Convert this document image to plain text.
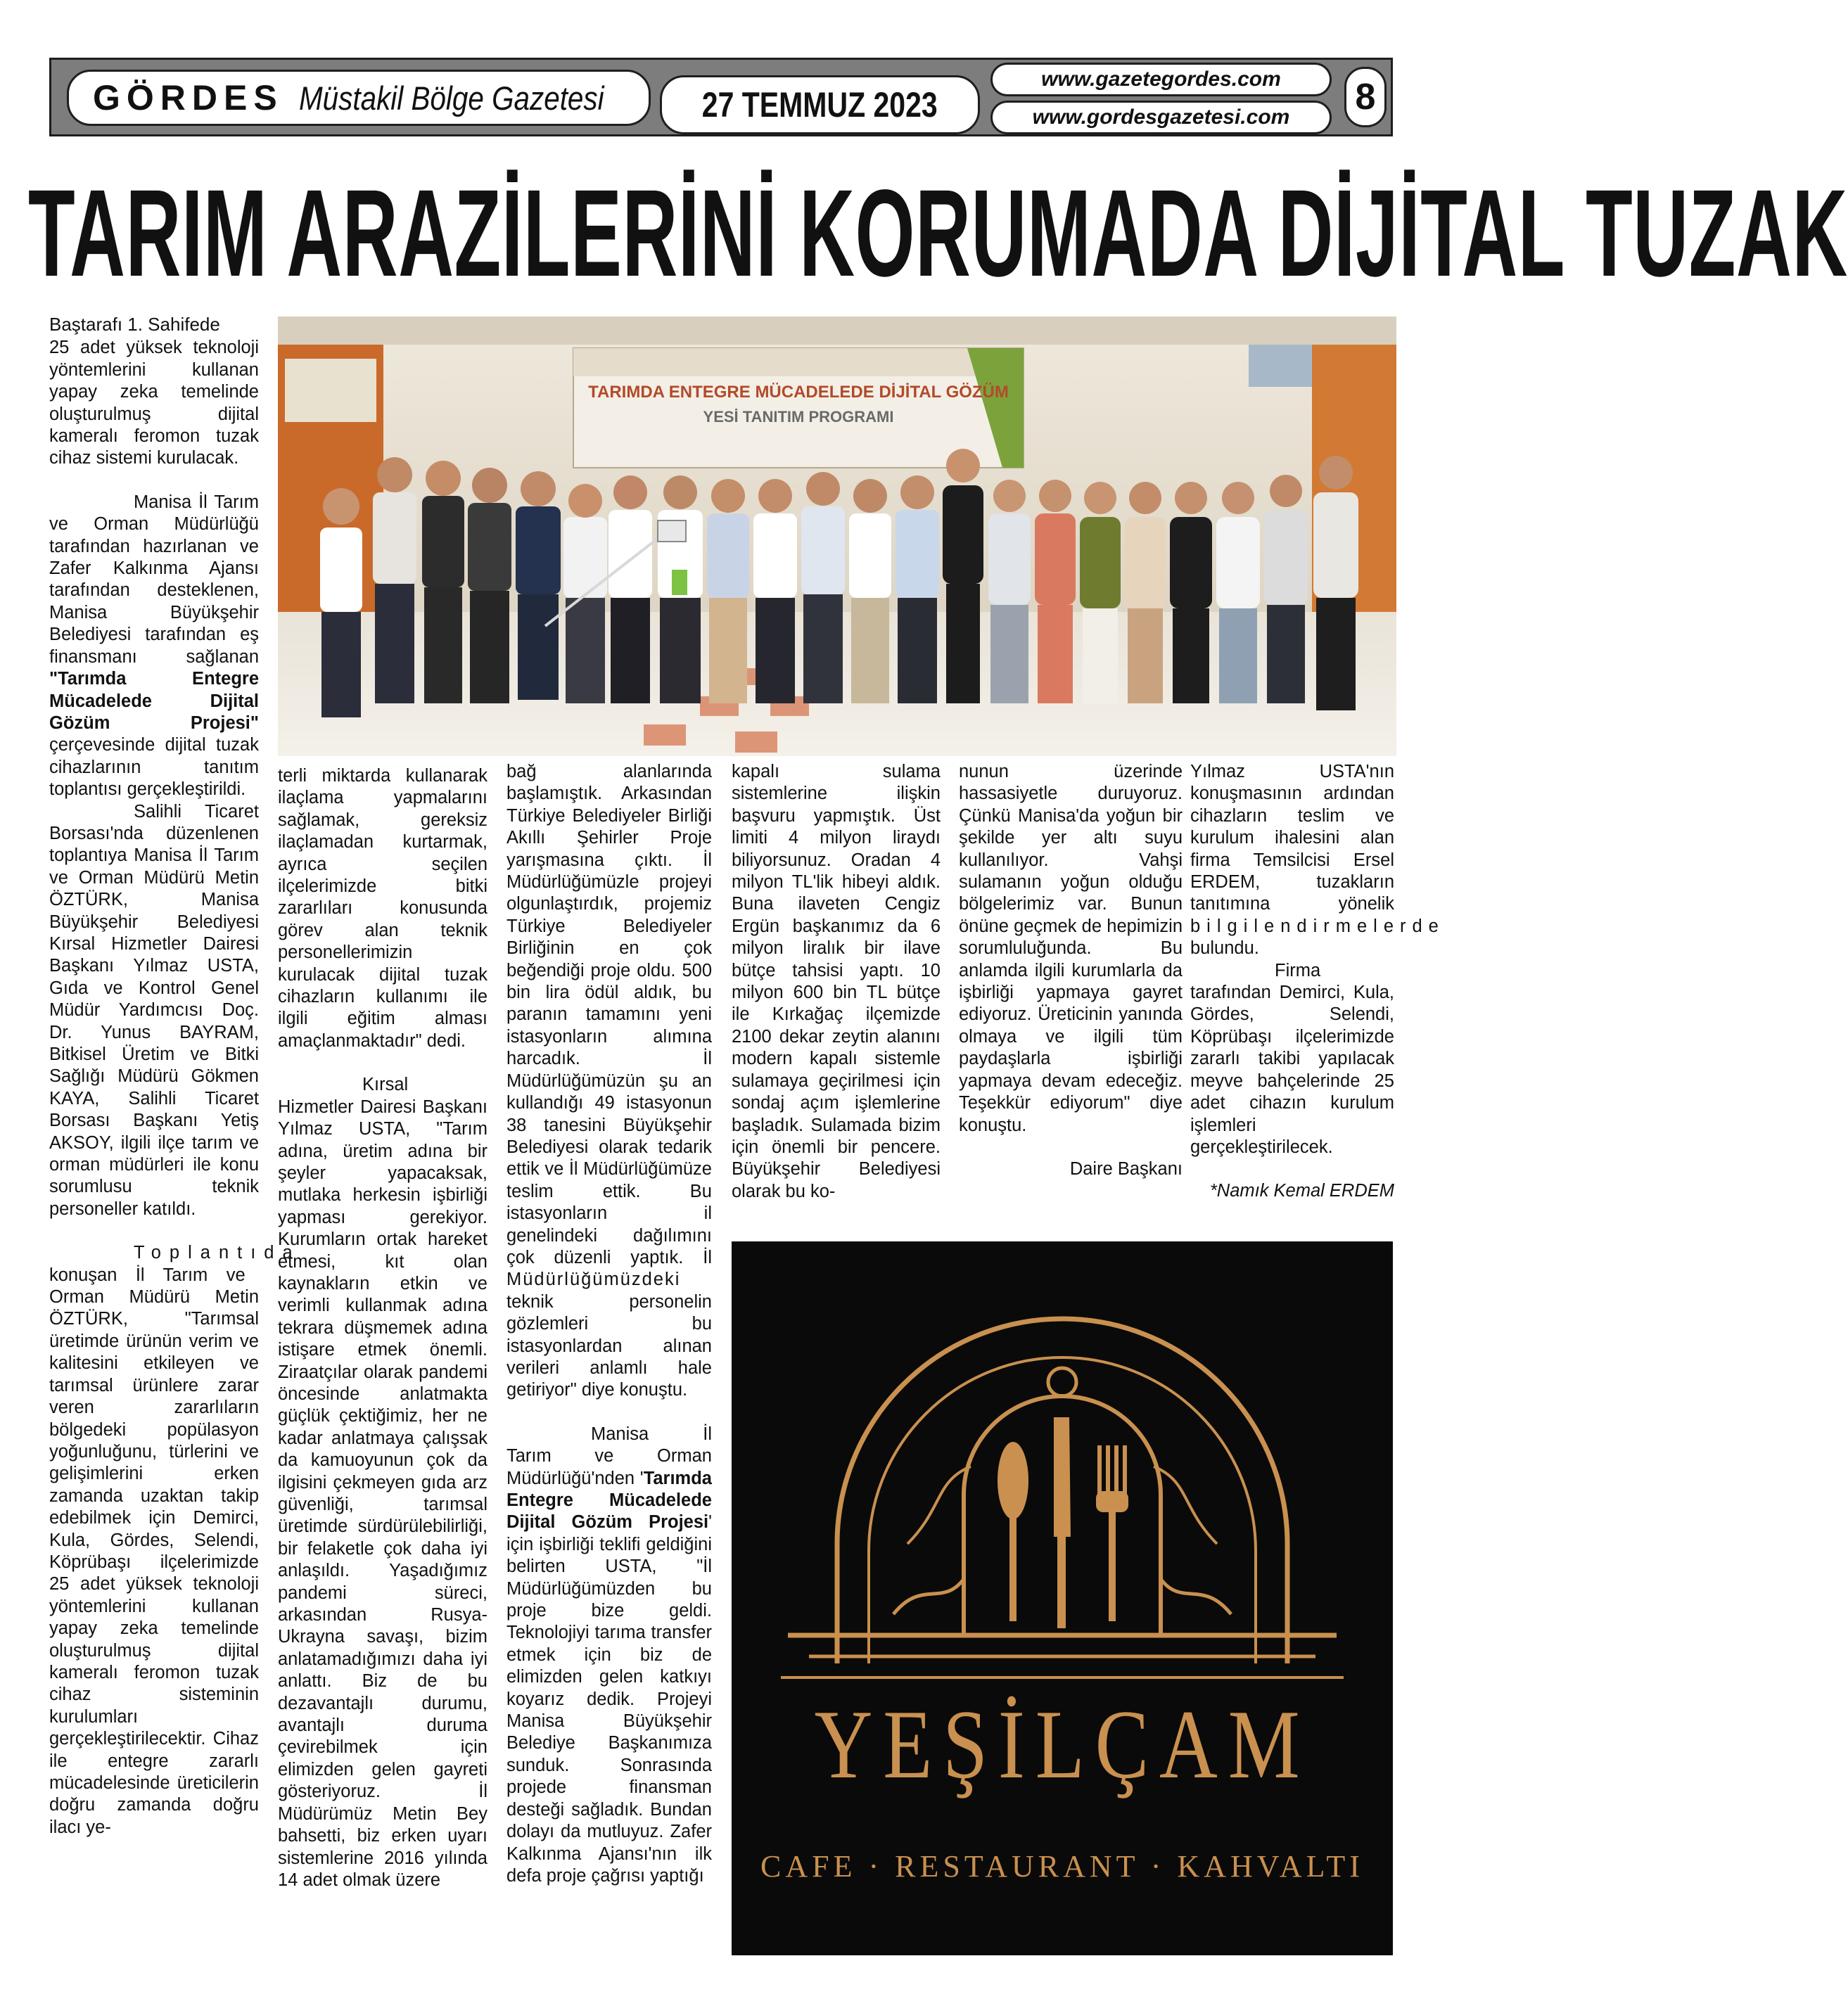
GÖRDES Müstakil Bölge Gazetesi	27 TEMMUZ 2023
www.gazetegordes.com
www.gordesgazetesi.com 8
TARIM ARAZİLERİNİ KORUMADA DİJİTAL TUZAK
TARIMDA ENTEGRE MÜCADELEDE DİJİTAL GÖZÜM
YESİ TANITIM PROGRAMI

Baştarafı 1. Sahifede

25 adet yüksek teknoloji yöntemlerini kullanan yapay zeka temelinde oluşturulmuş dijital kameralı feromon tuzak cihaz sistemi kurulacak.

Manisa İl Tarım ve Orman Müdürlüğü tarafından hazırlanan ve Zafer Kalkınma Ajansı tarafından desteklenen, Manisa Büyükşehir Belediyesi tarafından eş finansmanı sağlanan "Tarımda Entegre Mücadelede Dijital Gözüm Projesi" çerçevesinde dijital tuzak cihazlarının tanıtım toplantısı gerçekleştirildi.

Salihli Ticaret Borsası'nda düzenlenen toplantıya Manisa İl Tarım ve Orman Müdürü Metin ÖZTÜRK, Manisa Büyükşehir Belediyesi Kırsal Hizmetler Dairesi Başkanı Yılmaz USTA, Gıda ve Kontrol Genel Müdür Yardımcısı Doç. Dr. Yunus BAYRAM, Bitkisel Üretim ve Bitki Sağlığı Müdürü Gökmen KAYA, Salihli Ticaret Borsası Başkanı Yetiş AKSOY, ilgili ilçe tarım ve orman müdürleri ile konu sorumlusu teknik personeller katıldı.

Toplantıda konuşan İl Tarım ve Orman Müdürü Metin ÖZTÜRK, "Tarımsal üretimde ürünün verim ve kalitesini etkileyen ve tarımsal ürünlere zarar veren zararlıların bölgedeki popülasyon yoğunluğunu, türlerini ve gelişimlerini erken zamanda uzaktan takip edebilmek için Demirci, Kula, Gördes, Selendi, Köprübaşı ilçelerimizde 25 adet yüksek teknoloji yöntemlerini kullanan yapay zeka temelinde oluşturulmuş dijital kameralı feromon tuzak cihaz sisteminin kurulumları gerçekleştirilecektir. Cihaz ile entegre zararlı mücadelesinde üreticilerin doğru zamanda doğru ilacı ye-

terli miktarda kullanarak ilaçlama yapmalarını sağlamak, gereksiz ilaçlamadan kurtarmak, ayrıca seçilen ilçelerimizde bitki zararlıları konusunda görev alan teknik personellerimizin kurulacak dijital tuzak cihazların kullanımı ile ilgili eğitim alması amaçlanmaktadır" dedi.

Kırsal Hizmetler Dairesi Başkanı Yılmaz USTA, "Tarım adına, üretim adına bir şeyler yapacaksak, mutlaka herkesin işbirliği yapması gerekiyor. Kurumların ortak hareket etmesi, kıt olan kaynakların etkin ve verimli kullanmak adına tekrara düşmemek adına istişare etmek önemli. Ziraatçılar olarak pandemi öncesinde anlatmakta güçlük çektiğimiz, her ne kadar anlatmaya çalışsak da kamuoyunun çok da ilgisini çekmeyen gıda arz güvenliği, tarımsal üretimde sürdürülebilirliği, bir felaketle çok daha iyi anlaşıldı. Yaşadığımız pandemi süreci, arkasından Rusya-Ukrayna savaşı, bizim anlatamadığımızı daha iyi anlattı. Biz de bu dezavantajlı durumu, avantajlı duruma çevirebilmek için elimizden gelen gayreti gösteriyoruz. İl Müdürümüz Metin Bey bahsetti, biz erken uyarı sistemlerine 2016 yılında 14 adet olmak üzere

bağ alanlarında başlamıştık. Arkasından Türkiye Belediyeler Birliği Akıllı Şehirler Proje yarışmasına çıktı. İl Müdürlüğümüzle projeyi olgunlaştırdık, projemiz Türkiye Belediyeler Birliğinin en çok beğendiği proje oldu. 500 bin lira ödül aldık, bu paranın tamamını yeni istasyonların alımına harcadık. İl Müdürlüğümüzün şu an kullandığı 49 istasyonun 38 tanesini Büyükşehir Belediyesi olarak tedarik ettik ve İl Müdürlüğümüze teslim ettik. Bu istasyonların il genelindeki dağılımını çok düzenli yaptık. İl Müdürlüğümüzdeki teknik personelin gözlemleri bu istasyonlardan alınan verileri anlamlı hale getiriyor" diye konuştu.

Manisa İl Tarım ve Orman Müdürlüğü'nden 'Tarımda Entegre Mücadelede Dijital Gözüm Projesi' için işbirliği teklifi geldiğini belirten USTA, "İl Müdürlüğümüzden bu proje bize geldi. Teknolojiyi tarıma transfer etmek için biz de elimizden gelen katkıyı koyarız dedik. Projeyi Manisa Büyükşehir Belediye Başkanımıza sunduk. Sonrasında projede finansman desteği sağladık. Bundan dolayı da mutluyuz. Zafer Kalkınma Ajansı'nın ilk defa proje çağrısı yaptığı

kapalı sulama sistemlerine ilişkin başvuru yapmıştık. Üst limiti 4 milyon liraydı biliyorsunuz. Oradan 4 milyon TL'lik hibeyi aldık. Buna ilaveten Cengiz Ergün başkanımız da 6 milyon liralık bir ilave bütçe tahsisi yaptı. 10 milyon 600 bin TL bütçe ile Kırkağaç ilçemizde 2100 dekar zeytin alanını modern kapalı sistemle sulamaya geçirilmesi için sondaj açım işlemlerine başladık. Sulamada bizim için önemli bir pencere. Büyükşehir Belediyesi olarak bu ko-

nunun üzerinde hassasiyetle duruyoruz. Çünkü Manisa'da yoğun bir şekilde yer altı suyu kullanılıyor. Vahşi sulamanın yoğun olduğu bölgelerimiz var. Bunun önüne geçmek de hepimizin sorumluluğunda. Bu anlamda ilgili kurumlarla da işbirliği yapmaya gayret ediyoruz. Üreticinin yanında olmaya ve ilgili tüm paydaşlarla işbirliği yapmaya devam edeceğiz. Teşekkür ediyorum" diye konuştu.

Daire Başkanı

Yılmaz USTA'nın konuşmasının ardından cihazların teslim ve kurulum ihalesini alan firma Temsilcisi Ersel ERDEM, tuzakların tanıtımına yönelik bilgilendirmelerde bulundu.

Firma tarafından Demirci, Kula, Gördes, Selendi, Köprübaşı ilçelerimizde zararlı takibi yapılacak meyve bahçelerinde 25 adet cihazın kurulum işlemleri gerçekleştirilecek.

*Namık Kemal ERDEM

YEŞİLÇAM
CAFE · RESTAURANT · KAHVALTI
